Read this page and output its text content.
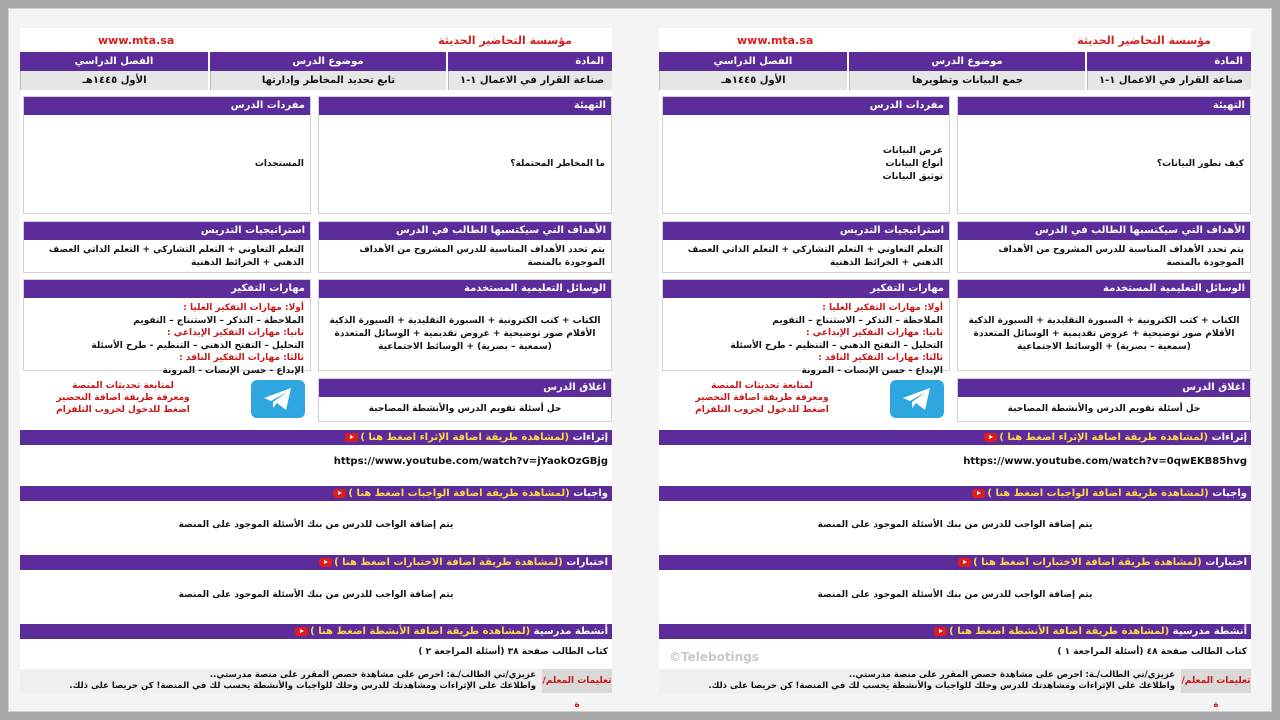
مؤسسة التحاضير الحديثة
www.mta.sa
المادة
موضوع الدرس
الفصل الدراسي
صناعة القرار في الاعمال ١-١
تابع تحديد المخاطر وإدارتها
الأول ١٤٤٥هـ
التهيئة
ما المخاطر المحتملة؟
مفردات الدرس
المستجدات
الأهداف التي سيكتسبها الطالب في الدرس
يتم تحدد الأهداف المناسبة للدرس المشروح من الأهداف الموجودة بالمنصة
استراتيجيات التدريس
التعلم التعاوني + التعلم التشاركي + التعلم الذاتي العصف الذهني + الخرائط الذهنية
الوسائل التعليمية المستخدمة
الكتاب + كتب الكترونية + السبورة التقليدية + السبورة الذكية الأقلام صور توضيحية + عروض تقديمية + الوسائل المتعددة (سمعية – بصرية) + الوسائط الاجتماعية
مهارات التفكير
أولا: مهارات التفكير العليا :
الملاحظة – التذكر – الاستنتاج – التقويم
ثانيا: مهارات التفكير الإبداعي :
التحليل – التفتح الذهني – التنظيم - طرح الأسئلة
ثالثا: مهارات التفكير الناقد :
الإبداع - حسن الإنصات - المرونة
اغلاق الدرس
حل أسئلة تقويم الدرس والأنشطة المصاحبة
لمتابعة تحديثات المنصة
ومعرفة طريقة اضافة التحضير
اضغط للدخول لجروب التلقرام
إثراءات (لمشاهدة طريقة اضافة الإثراء اضغط هنا )
https://www.youtube.com/watch?v=jYaokOzGBjg
واجبات (لمشاهدة طريقة اضافة الواجبات اضغط هنا )
يتم إضافة الواجب للدرس من بنك الأسئلة الموجود على المنصة
اختبارات (لمشاهدة طريقة اضافة الاختبارات اضغط هنا )
يتم إضافة الواجب للدرس من بنك الأسئلة الموجود على المنصة
أنشطة مدرسية (لمشاهدة طريقة اضافة الأنشطة اضغط هنا )
كتاب الطالب صفحة ٣٨ (أسئلة المراجعة ٢ )
تعليمات المعلم/ة
عزيزي/تي الطالب/ـة: احرص على مشاهدة حصص المقرر على منصة مدرستي..
واطلاعك على الإثراءات ومشاهدتك للدرس وحلك للواجبات والأنشطة يحسب لك في المنصة! كن حريصا على ذلك.
مؤسسة التحاضير الحديثة
www.mta.sa
المادة
موضوع الدرس
الفصل الدراسي
صناعة القرار في الاعمال ١-١
جمع البيانات وتطويرها
الأول ١٤٤٥هـ
التهيئة
كيف نطور البيانات؟
مفردات الدرس
عرض البيانات
أنواع البيانات
توثيق البيانات
الأهداف التي سيكتسبها الطالب في الدرس
يتم تحدد الأهداف المناسبة للدرس المشروح من الأهداف الموجودة بالمنصة
استراتيجيات التدريس
التعلم التعاوني + التعلم التشاركي + التعلم الذاتي العصف الذهني + الخرائط الذهنية
الوسائل التعليمية المستخدمة
الكتاب + كتب الكترونية + السبورة التقليدية + السبورة الذكية الأقلام صور توضيحية + عروض تقديمية + الوسائل المتعددة (سمعية – بصرية) + الوسائط الاجتماعية
مهارات التفكير
أولا: مهارات التفكير العليا :
الملاحظة – التذكر – الاستنتاج – التقويم
ثانيا: مهارات التفكير الإبداعي :
التحليل – التفتح الذهني – التنظيم - طرح الأسئلة
ثالثا: مهارات التفكير الناقد :
الإبداع - حسن الإنصات - المرونة
اغلاق الدرس
حل أسئلة تقويم الدرس والأنشطة المصاحبة
لمتابعة تحديثات المنصة
ومعرفة طريقة اضافة التحضير
اضغط للدخول لجروب التلقرام
إثراءات (لمشاهدة طريقة اضافة الإثراء اضغط هنا )
https://www.youtube.com/watch?v=0qwEKB85hvg
واجبات (لمشاهدة طريقة اضافة الواجبات اضغط هنا )
يتم إضافة الواجب للدرس من بنك الأسئلة الموجود على المنصة
اختبارات (لمشاهدة طريقة اضافة الاختبارات اضغط هنا )
يتم إضافة الواجب للدرس من بنك الأسئلة الموجود على المنصة
أنشطة مدرسية (لمشاهدة طريقة اضافة الأنشطة اضغط هنا )
كتاب الطالب صفحة ٤٨ (أسئلة المراجعة ١ )
©Telebotings
تعليمات المعلم/ة
عزيزي/تي الطالب/ـة: احرص على مشاهدة حصص المقرر على منصة مدرستي..
واطلاعك على الإثراءات ومشاهدتك للدرس وحلك للواجبات والأنشطة يحسب لك في المنصة! كن حريصا على ذلك.
